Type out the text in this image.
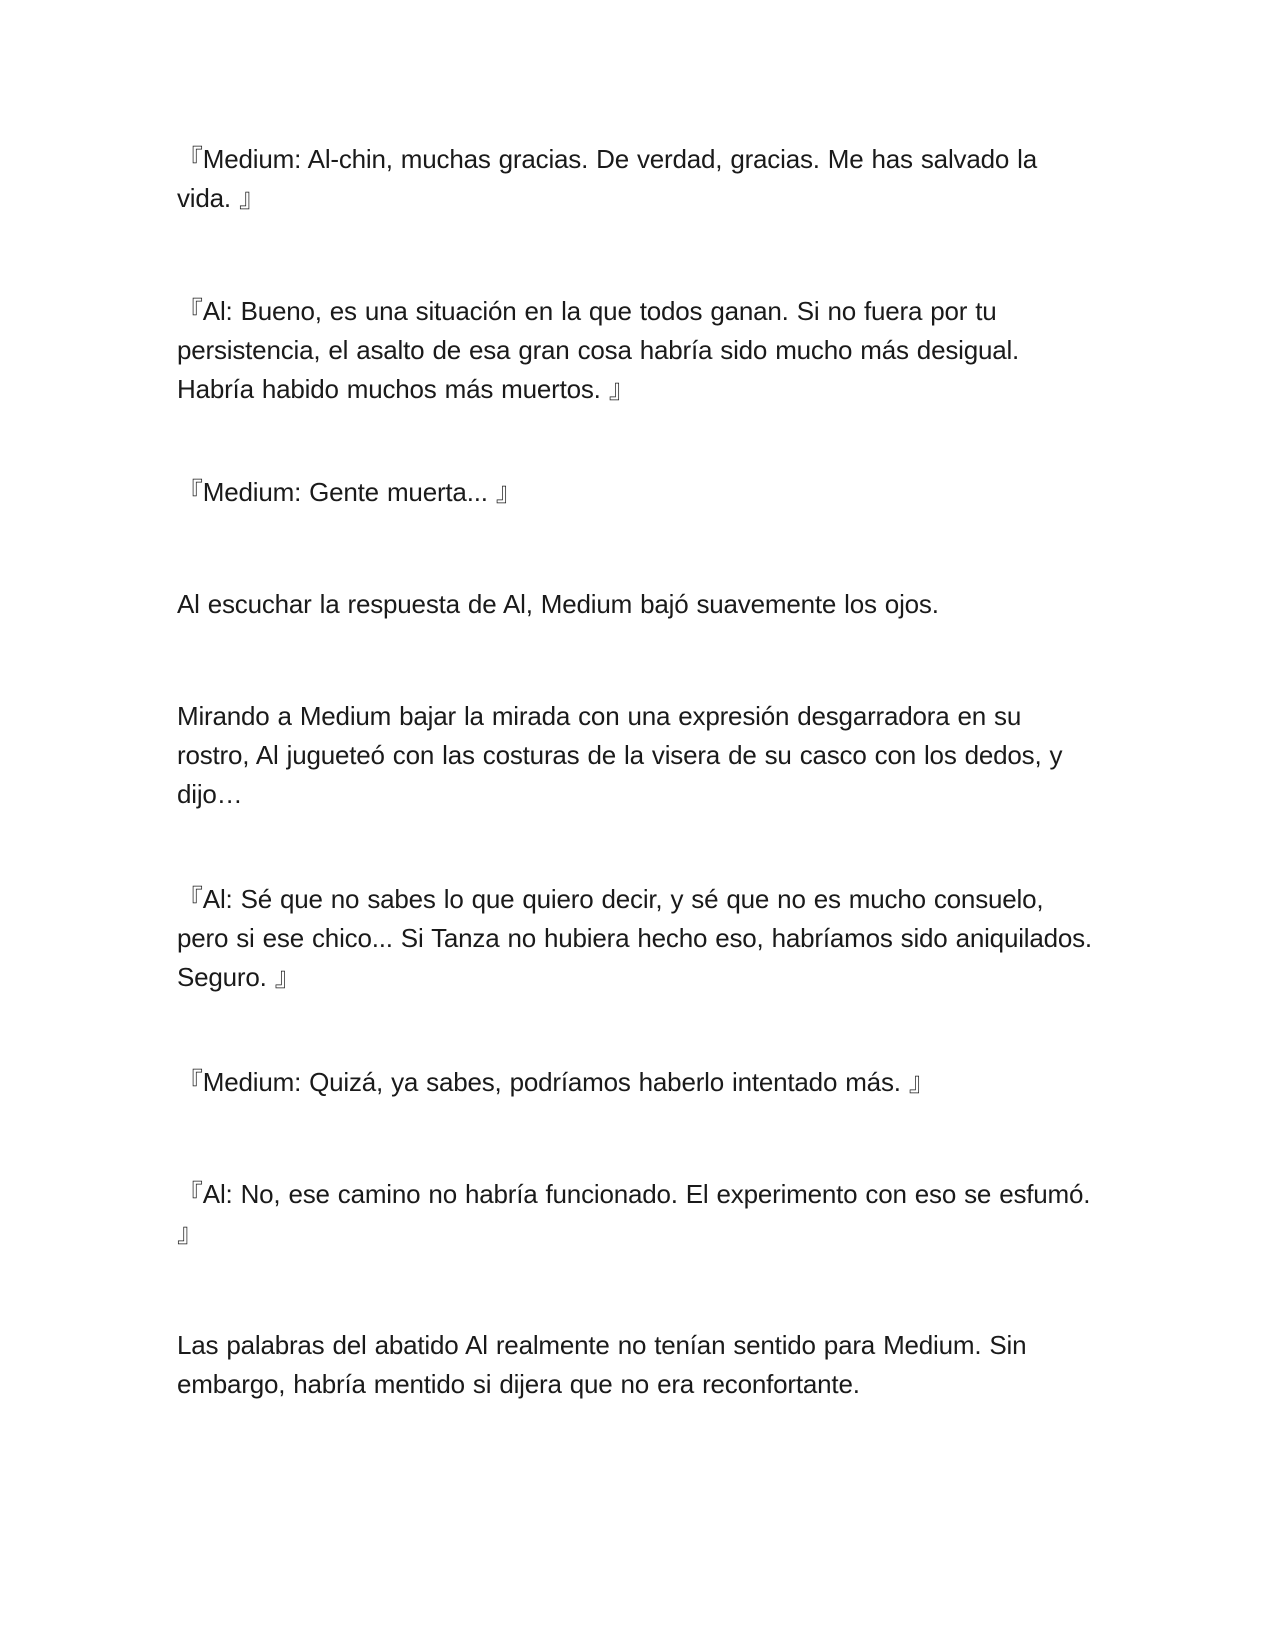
『Medium: Al-chin, muchas gracias. De verdad, gracias. Me has salvado la vida. 』

『Al: Bueno, es una situación en la que todos ganan. Si no fuera por tu persistencia, el asalto de esa gran cosa habría sido mucho más desigual. Habría habido muchos más muertos. 』

『Medium: Gente muerta... 』

Al escuchar la respuesta de Al, Medium bajó suavemente los ojos.

Mirando a Medium bajar la mirada con una expresión desgarradora en su rostro, Al jugueteó con las costuras de la visera de su casco con los dedos, y dijo…

『Al: Sé que no sabes lo que quiero decir, y sé que no es mucho consuelo, pero si ese chico... Si Tanza no hubiera hecho eso, habríamos sido aniquilados. Seguro. 』

『Medium: Quizá, ya sabes, podríamos haberlo intentado más. 』

『Al: No, ese camino no habría funcionado. El experimento con eso se esfumó. 』

Las palabras del abatido Al realmente no tenían sentido para Medium. Sin embargo, habría mentido si dijera que no era reconfortante.
